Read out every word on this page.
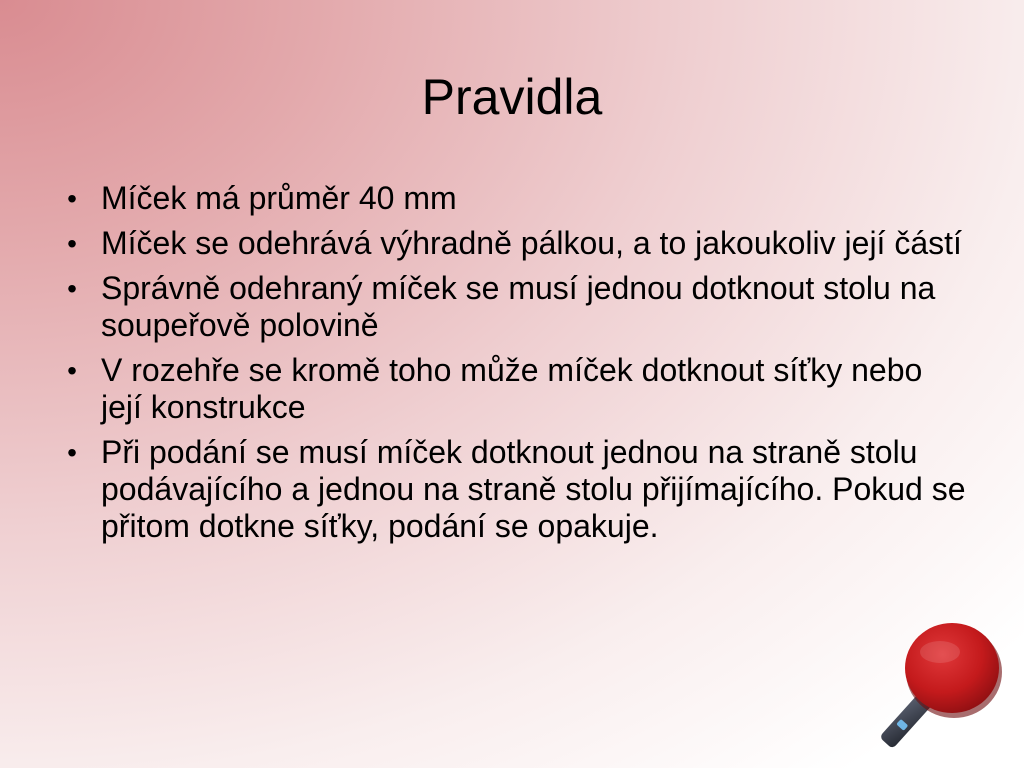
Pravidla
• Míček má průměr 40 mm
• Míček se odehrává výhradně pálkou, a to jakoukoliv její částí
• Správně odehraný míček se musí jednou dotknout stolu na soupeřově polovině
• V rozehře se kromě toho může míček dotknout síťky nebo její konstrukce
• Při podání se musí míček dotknout jednou na straně stolu podávajícího a jednou na straně stolu přijímajícího. Pokud se přitom dotkne síťky, podání se opakuje.
